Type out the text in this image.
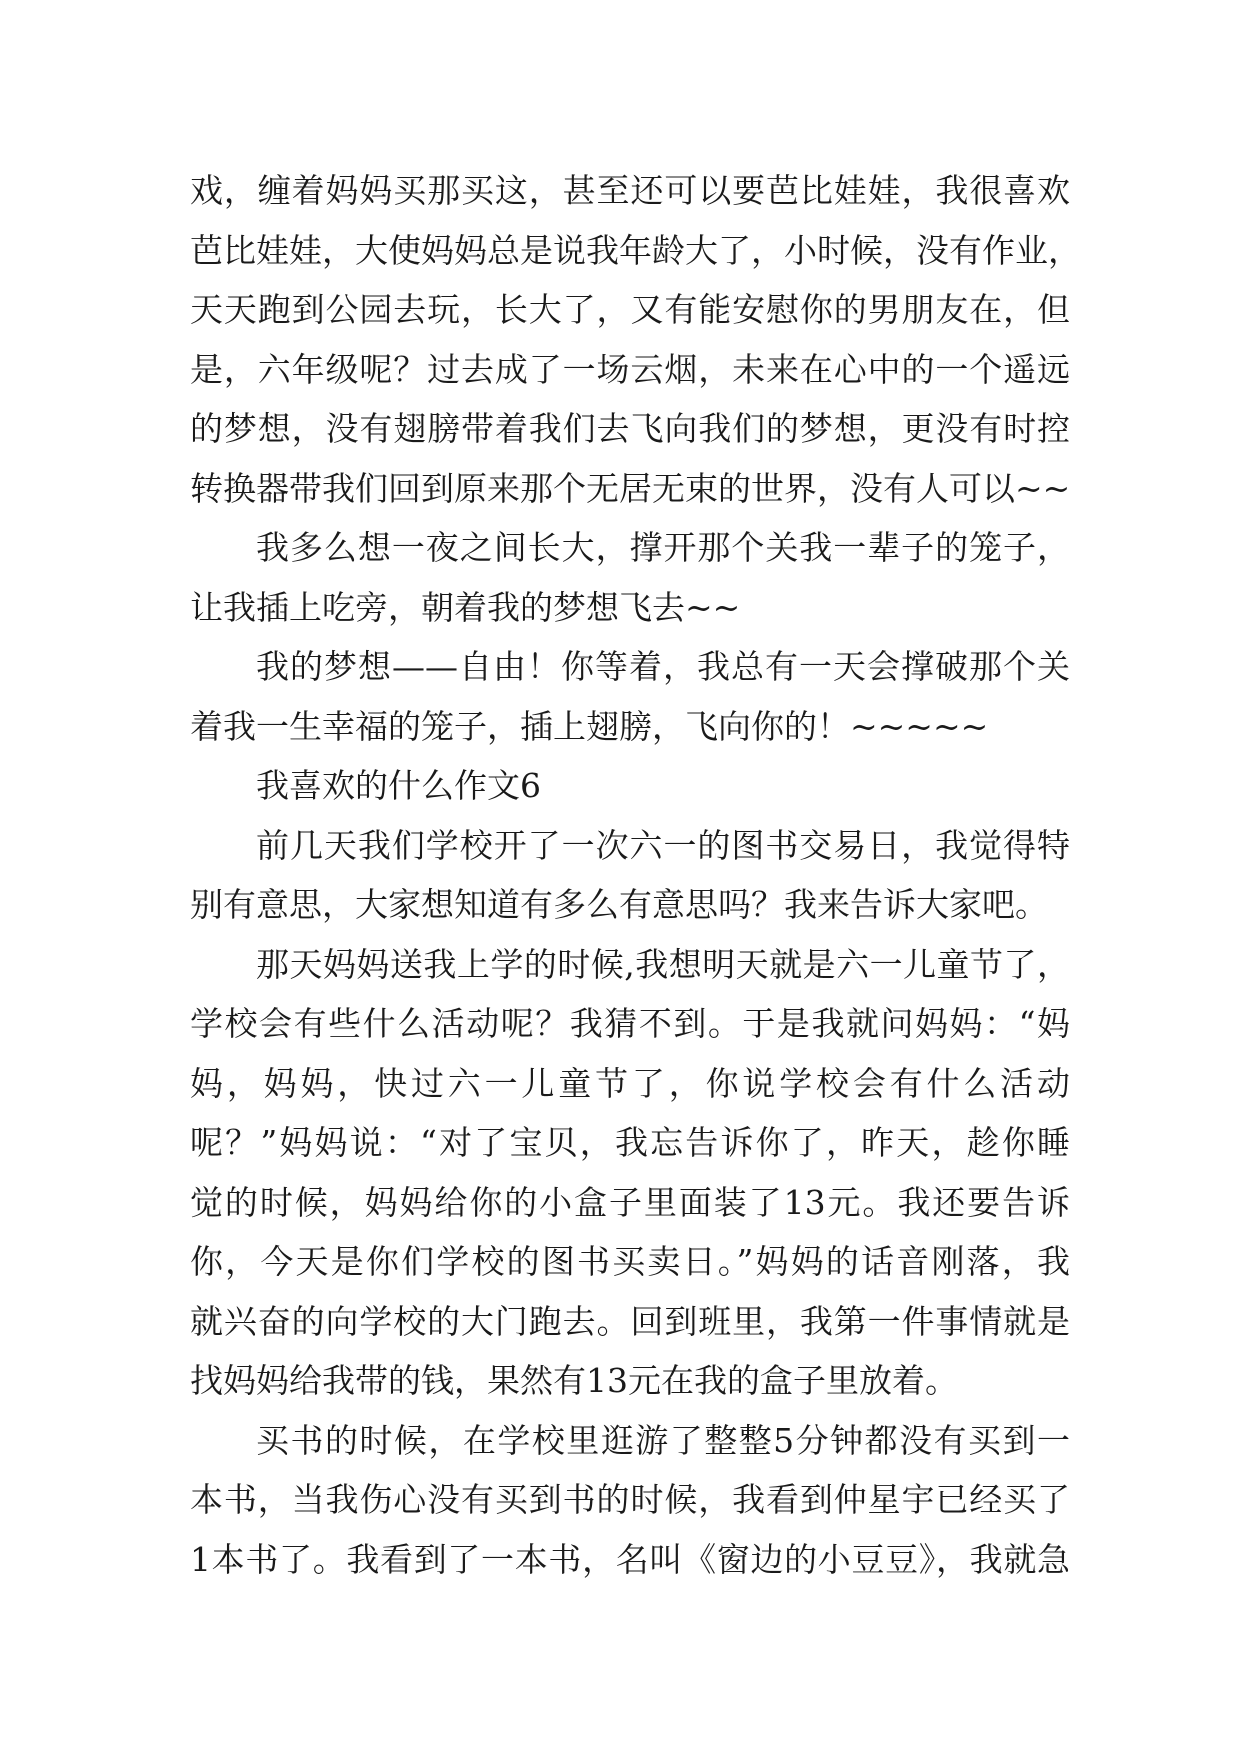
戏，缠着妈妈买那买这，甚至还可以要芭比娃娃，我很喜欢
芭比娃娃，大使妈妈总是说我年龄大了，小时候，没有作业，
天天跑到公园去玩，长大了，又有能安慰你的男朋友在，但
是，六年级呢？过去成了一场云烟，未来在心中的一个遥远
的梦想，没有翅膀带着我们去飞向我们的梦想，更没有时控
转换器带我们回到原来那个无居无束的世界，没有人可以~~
我多么想一夜之间长大，撑开那个关我一辈子的笼子，
让我插上吃旁，朝着我的梦想飞去~~
我的梦想——自由！你等着，我总有一天会撑破那个关
着我一生幸福的笼子，插上翅膀，飞向你的！~~~~~
我喜欢的什么作文6
前几天我们学校开了一次六一的图书交易日，我觉得特
别有意思，大家想知道有多么有意思吗？我来告诉大家吧。
那天妈妈送我上学的时候,我想明天就是六一儿童节了，
学校会有些什么活动呢？我猜不到。于是我就问妈妈：“妈
妈，妈妈，快过六一儿童节了，你说学校会有什么活动
呢？”妈妈说：“对了宝贝，我忘告诉你了，昨天，趁你睡
觉的时候，妈妈给你的小盒子里面装了13元。我还要告诉
你，今天是你们学校的图书买卖日。”妈妈的话音刚落，我
就兴奋的向学校的大门跑去。回到班里，我第一件事情就是
找妈妈给我带的钱，果然有13元在我的盒子里放着。
买书的时候，在学校里逛游了整整5分钟都没有买到一
本书，当我伤心没有买到书的时候，我看到仲星宇已经买了
1本书了。我看到了一本书，名叫《窗边的小豆豆》，我就急
